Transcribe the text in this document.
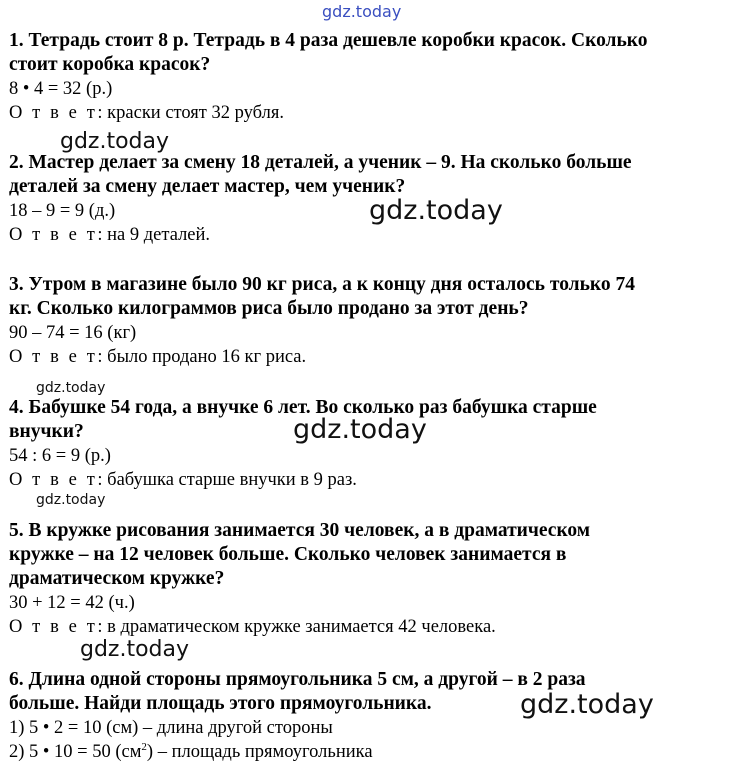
gdz.today
gdz.today
gdz.today
gdz.today
gdz.today
gdz.today
gdz.today
gdz.today

1. Тетрадь стоит 8 р. Тетрадь в 4 раза дешевле коробки красок. Сколько

стоит коробка красок?

8 • 4 = 32 (р.)

О т в е т: краски стоят 32 рубля.

2. Мастер делает за смену 18 деталей, а ученик – 9. На сколько больше

деталей за смену делает мастер, чем ученик?

18 – 9 = 9 (д.)

О т в е т: на 9 деталей.

3. Утром в магазине было 90 кг риса, а к концу дня осталось только 74

кг. Сколько килограммов риса было продано за этот день?

90 – 74 = 16 (кг)

О т в е т: было продано 16 кг риса.

4. Бабушке 54 года, а внучке 6 лет. Во сколько раз бабушка старше

внучки?

54 : 6 = 9 (р.)

О т в е т: бабушка старше внучки в 9 раз.

5. В кружке рисования занимается 30 человек, а в драматическом

кружке – на 12 человек больше. Сколько человек занимается в

драматическом кружке?

30 + 12 = 42 (ч.)

О т в е т: в драматическом кружке занимается 42 человека.

6. Длина одной стороны прямоугольника 5 см, а другой – в 2 раза

больше. Найди площадь этого прямоугольника.

1) 5 • 2 = 10 (см) – длина другой стороны

2) 5 • 10 = 50 $(см^2)$ – площадь прямоугольника
